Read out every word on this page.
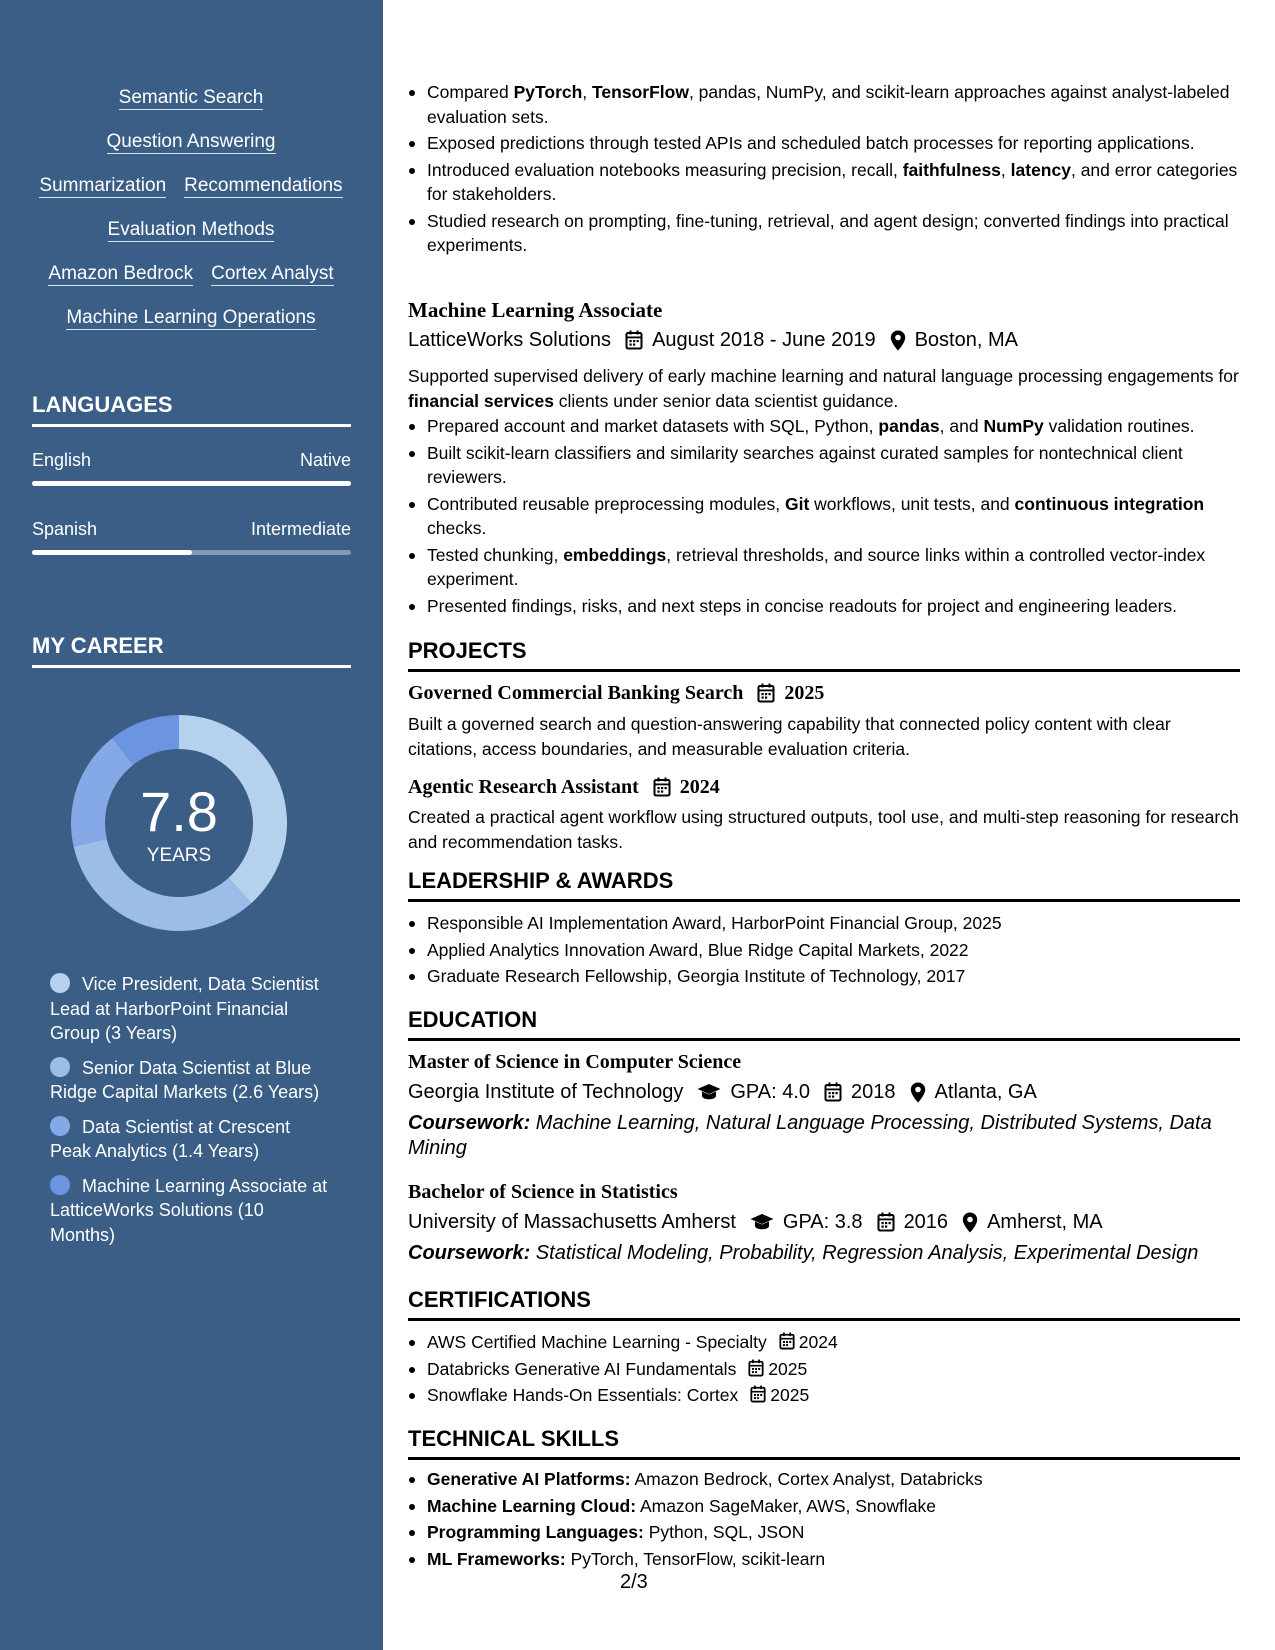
Semantic Search
Question Answering
Summarization Recommendations
Evaluation Methods
Amazon Bedrock Cortex Analyst
Machine Learning Operations
LANGUAGES
English	Native
Spanish	Intermediate
MY CAREER
7.8
YEARS
Vice President, Data Scientist Lead at HarborPoint Financial Group (3 Years)
Senior Data Scientist at Blue Ridge Capital Markets (2.6 Years)
Data Scientist at Crescent Peak Analytics (1.4 Years)
Machine Learning Associate at LatticeWorks Solutions (10 Months)
Compared PyTorch, TensorFlow, pandas, NumPy, and scikit-learn approaches against analyst-labeled evaluation sets.
Exposed predictions through tested APIs and scheduled batch processes for reporting applications.
Introduced evaluation notebooks measuring precision, recall, faithfulness, latency, and error categories for stakeholders.
Studied research on prompting, fine-tuning, retrieval, and agent design; converted findings into practical experiments.
Machine Learning Associate
LatticeWorks Solutions August 2018 - June 2019 Boston, MA
Supported supervised delivery of early machine learning and natural language processing engagements for financial services clients under senior data scientist guidance.
Prepared account and market datasets with SQL, Python, pandas, and NumPy validation routines.
Built scikit-learn classifiers and similarity searches against curated samples for nontechnical client reviewers.
Contributed reusable preprocessing modules, Git workflows, unit tests, and continuous integration checks.
Tested chunking, embeddings, retrieval thresholds, and source links within a controlled vector-index experiment.
Presented findings, risks, and next steps in concise readouts for project and engineering leaders.
PROJECTS
Governed Commercial Banking Search 2025
Built a governed search and question-answering capability that connected policy content with clear citations, access boundaries, and measurable evaluation criteria.
Agentic Research Assistant 2024
Created a practical agent workflow using structured outputs, tool use, and multi-step reasoning for research and recommendation tasks.
LEADERSHIP & AWARDS
Responsible AI Implementation Award, HarborPoint Financial Group, 2025
Applied Analytics Innovation Award, Blue Ridge Capital Markets, 2022
Graduate Research Fellowship, Georgia Institute of Technology, 2017
EDUCATION
Master of Science in Computer Science
Georgia Institute of Technology GPA: 4.0 2018 Atlanta, GA
Coursework: Machine Learning, Natural Language Processing, Distributed Systems, Data Mining
Bachelor of Science in Statistics
University of Massachusetts Amherst GPA: 3.8 2016 Amherst, MA
Coursework: Statistical Modeling, Probability, Regression Analysis, Experimental Design
CERTIFICATIONS
AWS Certified Machine Learning - Specialty 2024
Databricks Generative AI Fundamentals 2025
Snowflake Hands-On Essentials: Cortex 2025
TECHNICAL SKILLS
Generative AI Platforms: Amazon Bedrock, Cortex Analyst, Databricks
Machine Learning Cloud: Amazon SageMaker, AWS, Snowflake
Programming Languages: Python, SQL, JSON
ML Frameworks: PyTorch, TensorFlow, scikit-learn
2/3
